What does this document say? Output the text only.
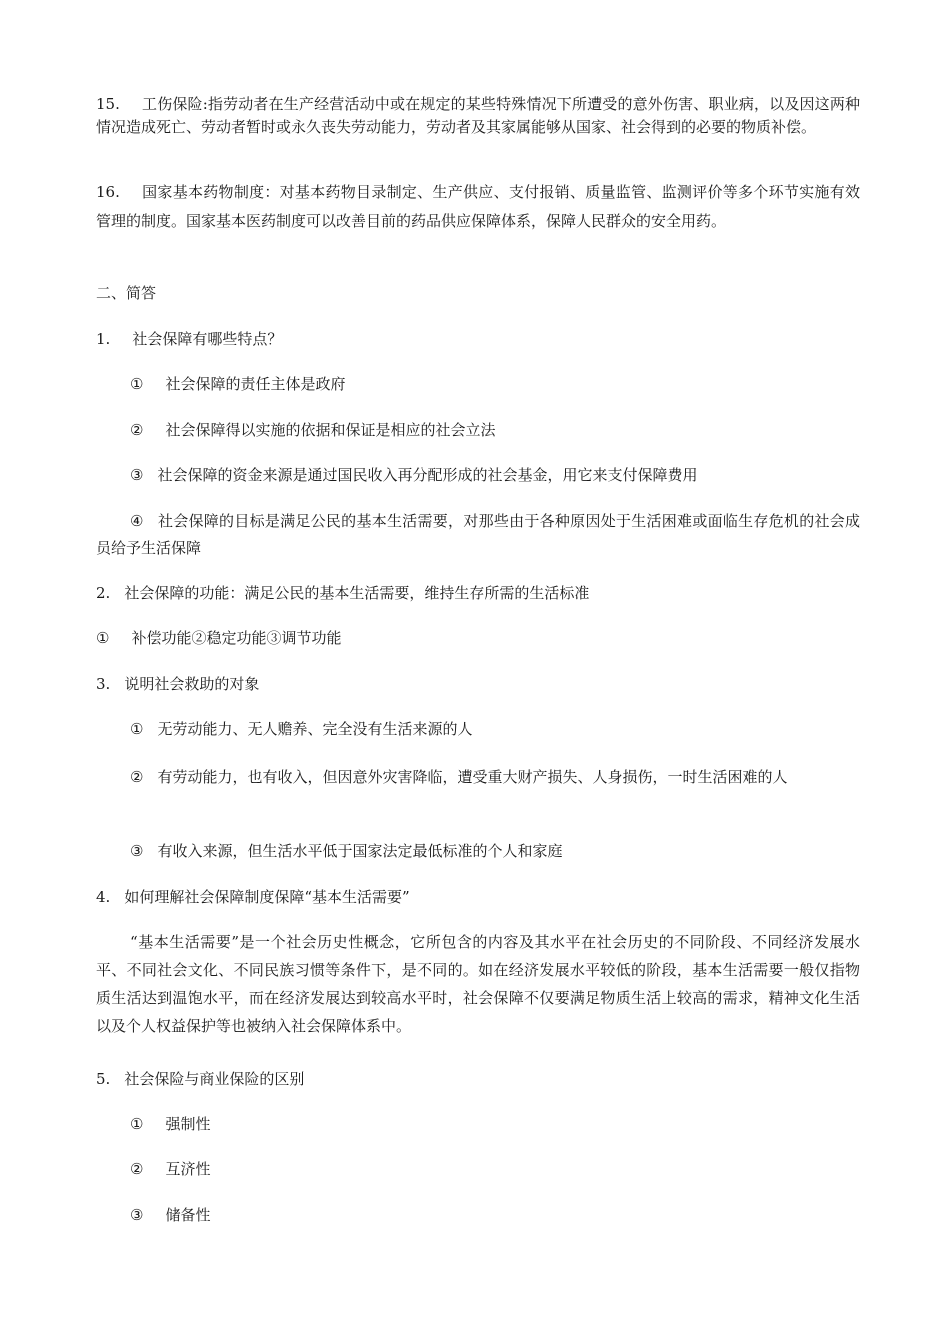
15. 工伤保险:指劳动者在生产经营活动中或在规定的某些特殊情况下所遭受的意外伤害、职业病，以及因这两种情况造成死亡、劳动者暂时或永久丧失劳动能力，劳动者及其家属能够从国家、社会得到的必要的物质补偿。

16. 国家基本药物制度：对基本药物目录制定、生产供应、支付报销、质量监管、监测评价等多个环节实施有效管理的制度。国家基本医药制度可以改善目前的药品供应保障体系，保障人民群众的安全用药。

二、简答

1. 社会保障有哪些特点？

① 社会保障的责任主体是政府

② 社会保障得以实施的依据和保证是相应的社会立法

③ 社会保障的资金来源是通过国民收入再分配形成的社会基金，用它来支付保障费用

④ 社会保障的目标是满足公民的基本生活需要，对那些由于各种原因处于生活困难或面临生存危机的社会成员给予生活保障

2. 社会保障的功能：满足公民的基本生活需要，维持生存所需的生活标准

① 补偿功能②稳定功能③调节功能

3. 说明社会救助的对象

① 无劳动能力、无人赡养、完全没有生活来源的人

② 有劳动能力，也有收入，但因意外灾害降临，遭受重大财产损失、人身损伤，一时生活困难的人

③ 有收入来源，但生活水平低于国家法定最低标准的个人和家庭

4. 如何理解社会保障制度保障“基本生活需要”

“基本生活需要”是一个社会历史性概念，它所包含的内容及其水平在社会历史的不同阶段、不同经济发展水平、不同社会文化、不同民族习惯等条件下，是不同的。如在经济发展水平较低的阶段，基本生活需要一般仅指物质生活达到温饱水平，而在经济发展达到较高水平时，社会保障不仅要满足物质生活上较高的需求，精神文化生活以及个人权益保护等也被纳入社会保障体系中。

5. 社会保险与商业保险的区别

① 强制性

② 互济性

③ 储备性
